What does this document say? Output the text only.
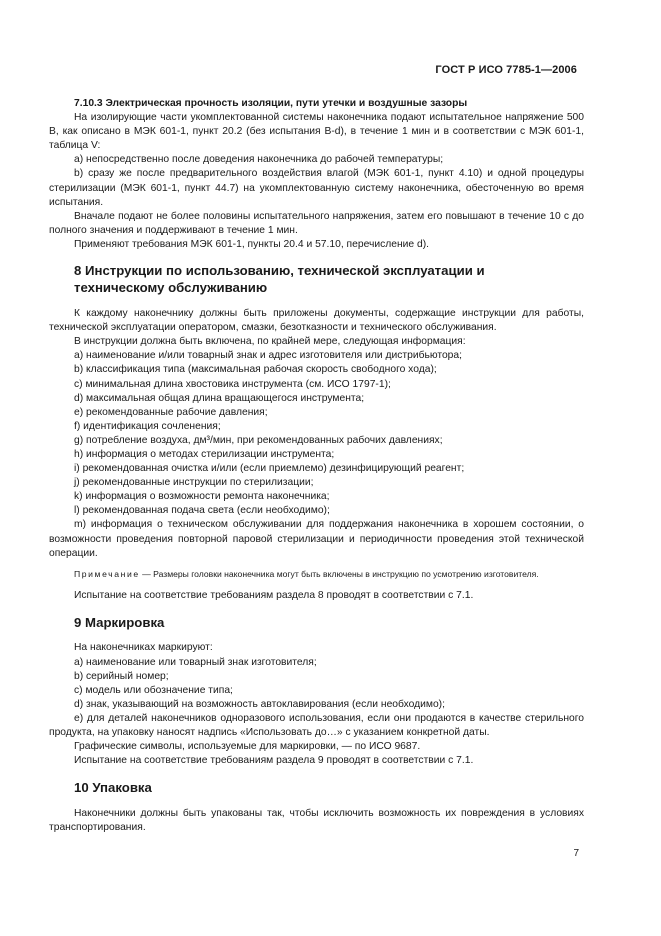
ГОСТ Р ИСО 7785-1—2006

7.10.3 Электрическая прочность изоляции, пути утечки и воздушные зазоры

На изолирующие части укомплектованной системы наконечника подают испытательное напряжение 500 В, как описано в МЭК 601-1, пункт 20.2 (без испытания B-d), в течение 1 мин и в соответствии с МЭК 601-1, таблица V:

a) непосредственно после доведения наконечника до рабочей температуры;

b) сразу же после предварительного воздействия влагой (МЭК 601-1, пункт 4.10) и одной процедуры стерилизации (МЭК 601-1, пункт 44.7) на укомплектованную систему наконечника, обесточенную во время испытания.

Вначале подают не более половины испытательного напряжения, затем его повышают в течение 10 с до полного значения и поддерживают в течение 1 мин.

Применяют требования МЭК 601-1, пункты 20.4 и 57.10, перечисление d).

8 Инструкции по использованию, технической эксплуатации и
техническому обслуживанию

К каждому наконечнику должны быть приложены документы, содержащие инструкции для работы, технической эксплуатации оператором, смазки, безотказности и технического обслуживания.

В инструкции должна быть включена, по крайней мере, следующая информация:

a) наименование и/или товарный знак и адрес изготовителя или дистрибьютора;

b) классификация типа (максимальная рабочая скорость свободного хода);

c) минимальная длина хвостовика инструмента (см. ИСО 1797-1);

d) максимальная общая длина вращающегося инструмента;

e) рекомендованные рабочие давления;

f) идентификация сочленения;

g) потребление воздуха, дм³/мин, при рекомендованных рабочих давлениях;

h) информация о методах стерилизации инструмента;

i) рекомендованная очистка и/или (если приемлемо) дезинфицирующий реагент;

j) рекомендованные инструкции по стерилизации;

k) информация о возможности ремонта наконечника;

l) рекомендованная подача света (если необходимо);

m) информация о техническом обслуживании для поддержания наконечника в хорошем состоянии, о возможности проведения повторной паровой стерилизации и периодичности проведения этой технической операции.

Примечание — Размеры головки наконечника могут быть включены в инструкцию по усмотрению изготовителя.

Испытание на соответствие требованиям раздела 8 проводят в соответствии с 7.1.

9 Маркировка

На наконечниках маркируют:

a) наименование или товарный знак изготовителя;

b) серийный номер;

c) модель или обозначение типа;

d) знак, указывающий на возможность автоклавирования (если необходимо);

e) для деталей наконечников одноразового использования, если они продаются в качестве стерильного продукта, на упаковку наносят надпись «Использовать до…» с указанием конкретной даты.

Графические символы, используемые для маркировки, — по ИСО 9687.

Испытание на соответствие требованиям раздела 9 проводят в соответствии с 7.1.

10 Упаковка

Наконечники должны быть упакованы так, чтобы исключить возможность их повреждения в условиях транспортирования.

7
